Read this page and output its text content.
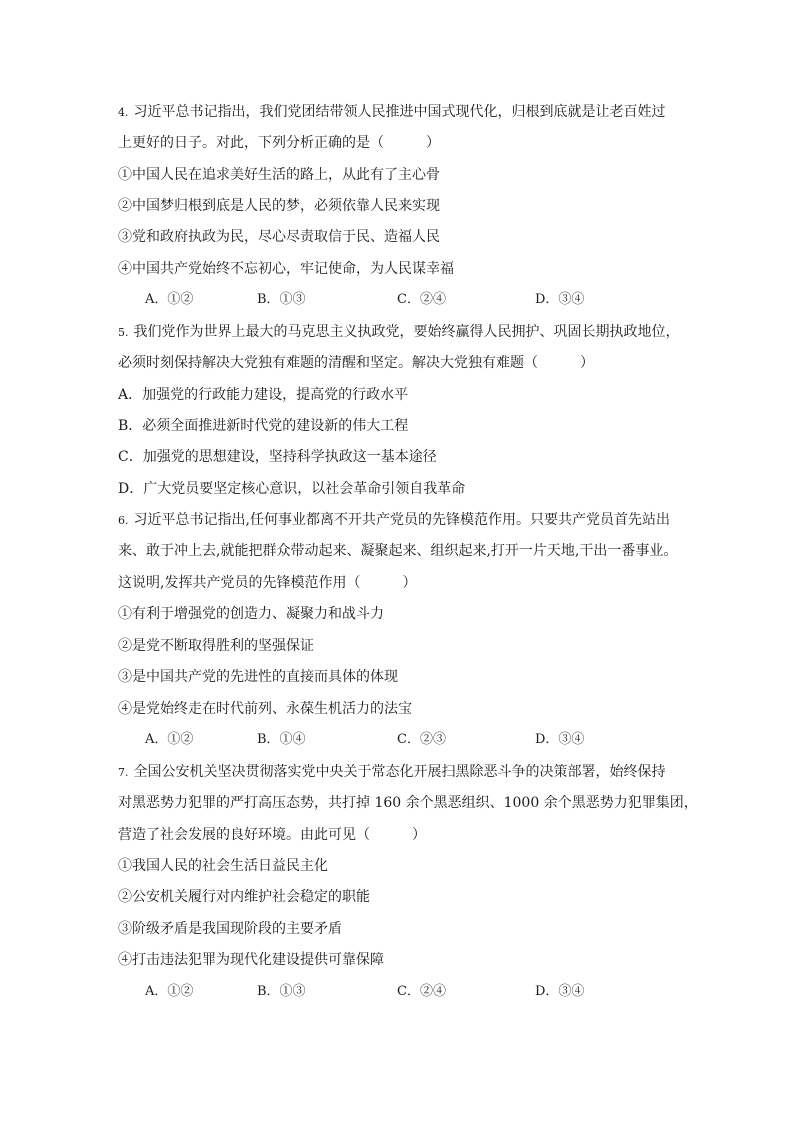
4. 习近平总书记指出，我们党团结带领人民推进中国式现代化，归根到底就是让老百姓过
上更好的日子。对此，下列分析正确的是（　　　）
①中国人民在追求美好生活的路上，从此有了主心骨
②中国梦归根到底是人民的梦，必须依靠人民来实现
③党和政府执政为民，尽心尽责取信于民、造福人民
④中国共产党始终不忘初心，牢记使命，为人民谋幸福
A．①②	B．①③	C．②④	D．③④
5. 我们党作为世界上最大的马克思主义执政党，要始终赢得人民拥护、巩固长期执政地位，
必须时刻保持解决大党独有难题的清醒和坚定。解决大党独有难题（　　　）
A．加强党的行政能力建设，提高党的行政水平
B．必须全面推进新时代党的建设新的伟大工程
C．加强党的思想建设，坚持科学执政这一基本途径
D．广大党员要坚定核心意识，以社会革命引领自我革命
6. 习近平总书记指出,任何事业都离不开共产党员的先锋模范作用。只要共产党员首先站出
来、敢于冲上去,就能把群众带动起来、凝聚起来、组织起来,打开一片天地,干出一番事业。
这说明,发挥共产党员的先锋模范作用（　　　）
①有利于增强党的创造力、凝聚力和战斗力
②是党不断取得胜利的坚强保证
③是中国共产党的先进性的直接而具体的体现
④是党始终走在时代前列、永葆生机活力的法宝
A．①②	B．①④	C．②③	D．③④
7. 全国公安机关坚决贯彻落实党中央关于常态化开展扫黑除恶斗争的决策部署，始终保持
对黑恶势力犯罪的严打高压态势，共打掉 160 余个黑恶组织、1000 余个黑恶势力犯罪集团，
营造了社会发展的良好环境。由此可见（　　　）
①我国人民的社会生活日益民主化
②公安机关履行对内维护社会稳定的职能
③阶级矛盾是我国现阶段的主要矛盾
④打击违法犯罪为现代化建设提供可靠保障
A．①②	B．①③	C．②④	D．③④
